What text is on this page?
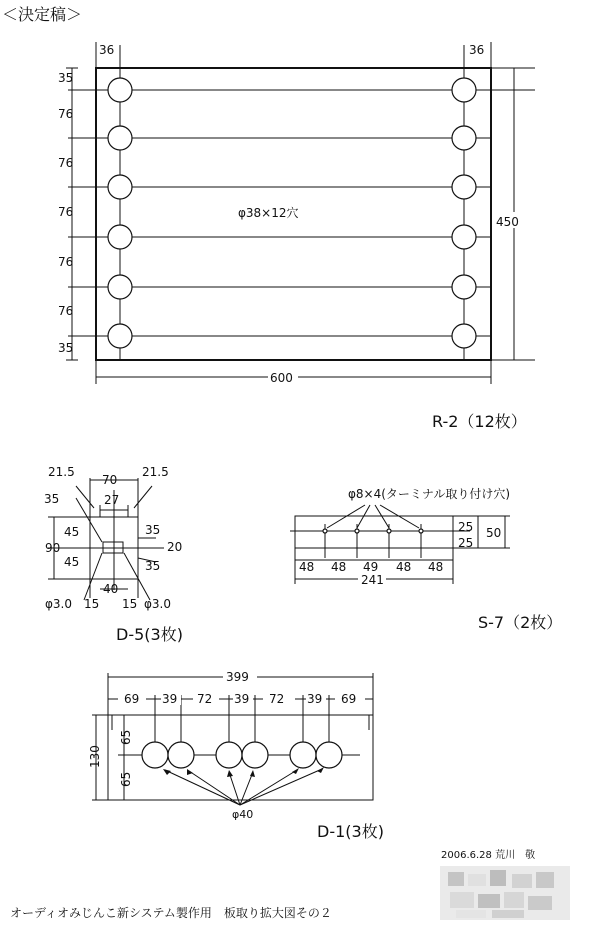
＜決定稿＞
36	36
35
76
76
76
76
76
35
φ38×12穴
450
600
R-2（12枚）
21.5
70
21.5
35	27
45
90
45
35
20
35
40
φ3.0 15 15 φ3.0
D-5(3枚)
φ8×4(ターミナル取り付け穴)
25
25
50
48 48 49 48 48
241
S-7（2枚）
399
69 39 72 39 72 39 69
130
65
65
φ40
D-1(3枚)
2006.6.28 荒川　敬
オーディオみじんこ新システム製作用　板取り拡大図その２
